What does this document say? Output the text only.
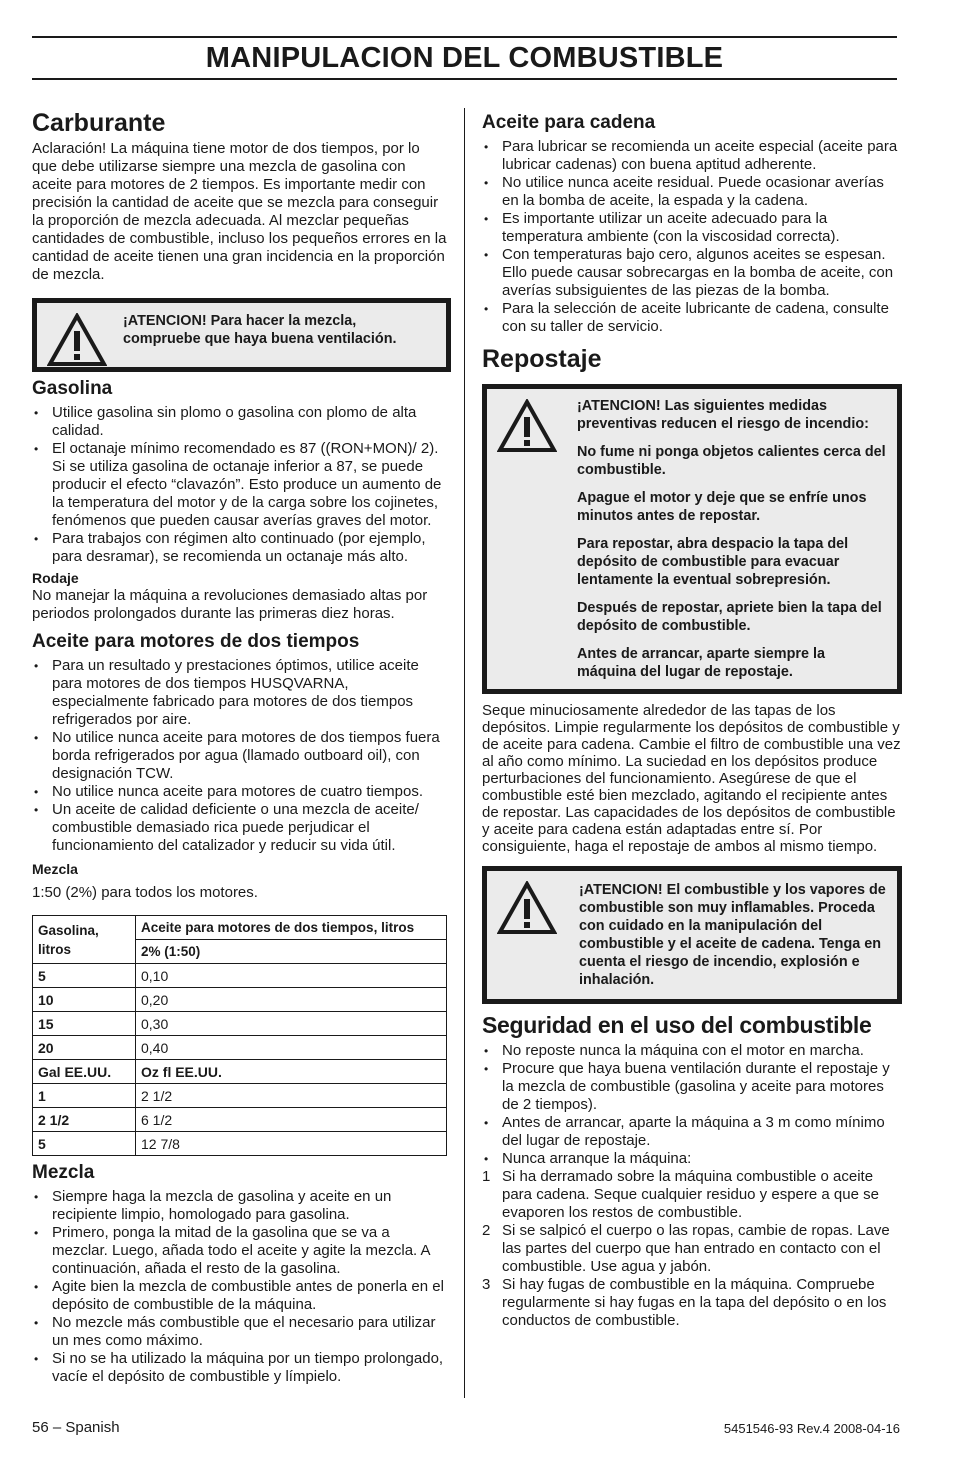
MANIPULACION DEL COMBUSTIBLE
Carburante

Aclaración! La máquina tiene motor de dos tiempos, por lo que debe utilizarse siempre una mezcla de gasolina con aceite para motores de 2 tiempos. Es importante medir con precisión la cantidad de aceite que se mezcla para conseguir la proporción de mezcla adecuada. Al mezclar pequeñas cantidades de combustible, incluso los pequeños errores en la cantidad de aceite tienen una gran incidencia en la proporción de mezcla.

¡ATENCION! Para hacer la mezcla, compruebe que haya buena ventilación.

Gasolina
• Utilice gasolina sin plomo o gasolina con plomo de alta calidad.
• El octanaje mínimo recomendado es 87 ((RON+MON)/ 2). Si se utiliza gasolina de octanaje inferior a 87, se puede producir el efecto “clavazón”. Esto produce un aumento de la temperatura del motor y de la carga sobre los cojinetes, fenómenos que pueden causar averías graves del motor.
• Para trabajos con régimen alto continuado (por ejemplo, para desramar), se recomienda un octanaje más alto.
Rodaje

No manejar la máquina a revoluciones demasiado altas por periodos prolongados durante las primeras diez horas.

Aceite para motores de dos tiempos
• Para un resultado y prestaciones óptimos, utilice aceite para motores de dos tiempos HUSQVARNA, especialmente fabricado para motores de dos tiempos refrigerados por aire.
• No utilice nunca aceite para motores de dos tiempos fuera borda refrigerados por agua (llamado outboard oil), con designación TCW.
• No utilice nunca aceite para motores de cuatro tiempos.
• Un aceite de calidad deficiente o una mezcla de aceite/ combustible demasiado rica puede perjudicar el funcionamiento del catalizador y reducir su vida útil.
Mezcla

1:50 (2%) para todos los motores.

Gasolina, litros	Aceite para motores de dos tiempos, litros
	2% (1:50)
5	0,10
10	0,20
15	0,30
20	0,40
Gal EE.UU.	Oz fl EE.UU.
1	2 1/2
2 1/2	6 1/2
5	12 7/8
Mezcla
• Siempre haga la mezcla de gasolina y aceite en un recipiente limpio, homologado para gasolina.
• Primero, ponga la mitad de la gasolina que se va a mezclar. Luego, añada todo el aceite y agite la mezcla. A continuación, añada el resto de la gasolina.
• Agite bien la mezcla de combustible antes de ponerla en el depósito de combustible de la máquina.
• No mezcle más combustible que el necesario para utilizar un mes como máximo.
• Si no se ha utilizado la máquina por un tiempo prolongado, vacíe el depósito de combustible y límpielo.
Aceite para cadena
• Para lubricar se recomienda un aceite especial (aceite para lubricar cadenas) con buena aptitud adherente.
• No utilice nunca aceite residual. Puede ocasionar averías en la bomba de aceite, la espada y la cadena.
• Es importante utilizar un aceite adecuado para la temperatura ambiente (con la viscosidad correcta).
• Con temperaturas bajo cero, algunos aceites se espesan. Ello puede causar sobrecargas en la bomba de aceite, con averías subsiguientes de las piezas de la bomba.
• Para la selección de aceite lubricante de cadena, consulte con su taller de servicio.
Repostaje

¡ATENCION! Las siguientes medidas preventivas reducen el riesgo de incendio:

No fume ni ponga objetos calientes cerca del combustible.

Apague el motor y deje que se enfríe unos minutos antes de repostar.

Para repostar, abra despacio la tapa del depósito de combustible para evacuar lentamente la eventual sobrepresión.

Después de repostar, apriete bien la tapa del depósito de combustible.

Antes de arrancar, aparte siempre la máquina del lugar de repostaje.

Seque minuciosamente alrededor de las tapas de los depósitos. Limpie regularmente los depósitos de combustible y de aceite para cadena. Cambie el filtro de combustible una vez al año como mínimo. La suciedad en los depósitos produce perturbaciones del funcionamiento. Asegúrese de que el combustible esté bien mezclado, agitando el recipiente antes de repostar. Las capacidades de los depósitos de combustible y aceite para cadena están adaptadas entre sí. Por consiguiente, haga el repostaje de ambos al mismo tiempo.

¡ATENCION! El combustible y los vapores de combustible son muy inflamables. Proceda con cuidado en la manipulación del combustible y el aceite de cadena. Tenga en cuenta el riesgo de incendio, explosión e inhalación.

Seguridad en el uso del combustible
• No reposte nunca la máquina con el motor en marcha.
• Procure que haya buena ventilación durante el repostaje y la mezcla de combustible (gasolina y aceite para motores de 2 tiempos).
• Antes de arrancar, aparte la máquina a 3 m como mínimo del lugar de repostaje.
• Nunca arranque la máquina:
1 Si ha derramado sobre la máquina combustible o aceite para cadena. Seque cualquier residuo y espere a que se evaporen los restos de combustible.
2 Si se salpicó el cuerpo o las ropas, cambie de ropas. Lave las partes del cuerpo que han entrado en contacto con el combustible. Use agua y jabón.
3 Si hay fugas de combustible en la máquina. Compruebe regularmente si hay fugas en la tapa del depósito o en los conductos de combustible.
56 – Spanish	5451546-93 Rev.4 2008-04-16
